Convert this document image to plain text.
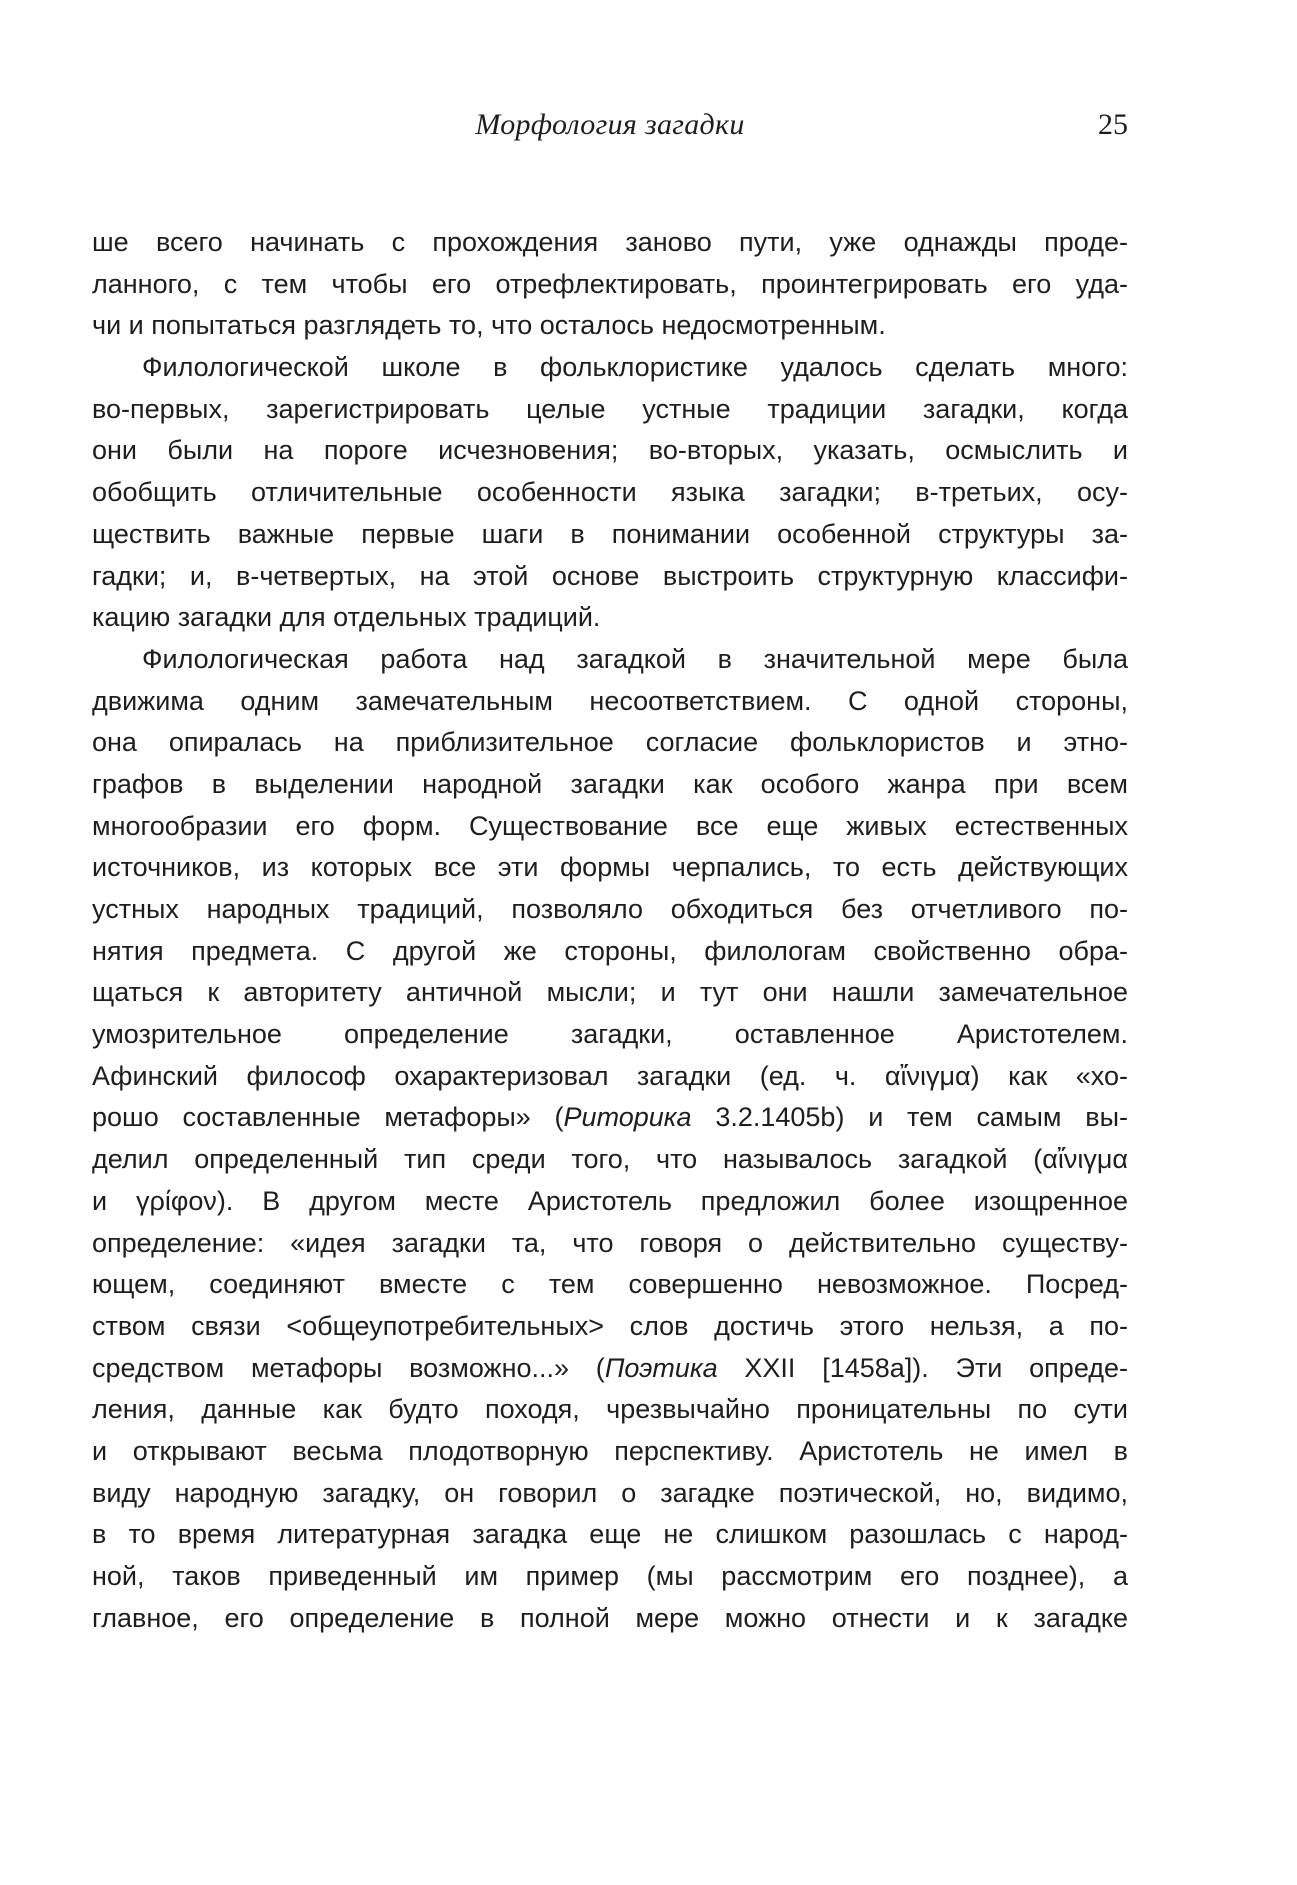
Морфология загадки	25
ше всего начинать с прохождения заново пути, уже однажды проде-
ланного, с тем чтобы его отрефлектировать, проинтегрировать его уда-
чи и попытаться разглядеть то, что осталось недосмотренным.
Филологической школе в фольклористике удалось сделать много:
во-первых, зарегистрировать целые устные традиции загадки, когда
они были на пороге исчезновения; во-вторых, указать, осмыслить и
обобщить отличительные особенности языка загадки; в-третьих, осу-
ществить важные первые шаги в понимании особенной структуры за-
гадки; и, в-четвертых, на этой основе выстроить структурную классифи-
кацию загадки для отдельных традиций.
Филологическая работа над загадкой в значительной мере была
движима одним замечательным несоответствием. С одной стороны,
она опиралась на приблизительное согласие фольклористов и этно-
графов в выделении народной загадки как особого жанра при всем
многообразии его форм. Существование все еще живых естественных
источников, из которых все эти формы черпались, то есть действующих
устных народных традиций, позволяло обходиться без отчетливого по-
нятия предмета. С другой же стороны, филологам свойственно обра-
щаться к авторитету античной мысли; и тут они нашли замечательное
умозрительное определение загадки, оставленное Аристотелем.
Афинский философ охарактеризовал загадки (ед. ч. αἴνιγμα) как «хо-
рошо составленные метафоры» (Риторика 3.2.1405b) и тем самым вы-
делил определенный тип среди того, что называлось загадкой (αἴνιγμα
и γρίφον). В другом месте Аристотель предложил более изощренное
определение: «идея загадки та, что говоря о действительно существу-
ющем, соединяют вместе с тем совершенно невозможное. Посред-
ством связи <общеупотребительных> слов достичь этого нельзя, а по-
средством метафоры возможно...» (Поэтика XXII [1458a]). Эти опреде-
ления, данные как будто походя, чрезвычайно проницательны по сути
и открывают весьма плодотворную перспективу. Аристотель не имел в
виду народную загадку, он говорил о загадке поэтической, но, видимо,
в то время литературная загадка еще не слишком разошлась с народ-
ной, таков приведенный им пример (мы рассмотрим его позднее), а
главное, его определение в полной мере можно отнести и к загадке
